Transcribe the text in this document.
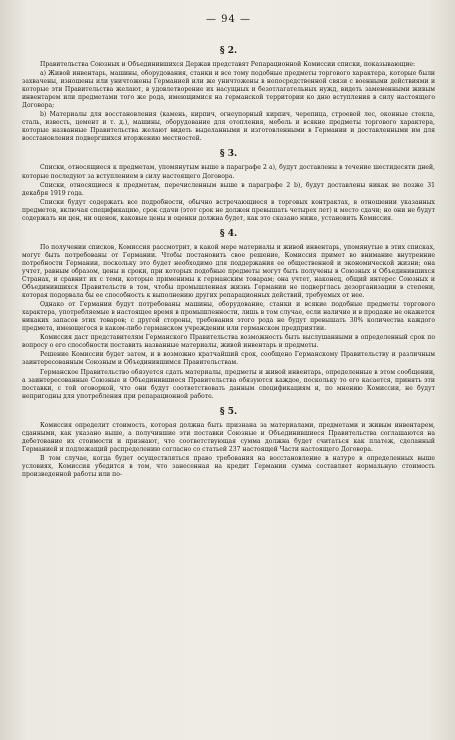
— 94 —
§ 2.

Правительства Союзных и Объединившихся Держав представят Репарационной Комиссии списки, показывающие:

а) Живой инвентарь, машины, оборудования, станки и все тому подобные предметы торгового характера, которые были захвачены, изношены или уничтожены Германией или же уничтожены в непосредственной связи с военными действиями и которые эти Правительства желают, в удовлетворение их насущных и безотлагательных нужд, видеть замененными живым инвентарем или предметами того же рода, имеющимися на германской территории ко дню вступления в силу настоящего Договора;

b) Материалы для восстановления (камень, кирпич, огнеупорный кирпич, черепица, строевой лес, оконные стекла, сталь, известь, цемент и т. д.), машины, оборудование для отопления, мебель и всякие предметы торгового характера, которые названные Правительства желают видеть выделанными и изготовленными в Германии и доставленными им для восстановления подвергшихся вторжению местностей.

§ 3.

Списки, относящиеся к предметам, упомянутым выше в параграфе 2 а), будут доставлены в течение шестидесяти дней, которые последуют за вступлением в силу настоящего Договора.

Списки, относящиеся к предметам, перечисленным выше в параграфе 2 b), будут доставлены никак не позже 31 декабря 1919 года.

Списки будут содержать все подробности, обычно встречающиеся в торговых контрактах, в отношении указанных предметов, включая спецификацию, срок сдачи (этот срок не должен превышать четырех лет) и место сдачи; но они не будут содержать ни цен, ни оценок, каковые цены и оценки должна будет, как это сказано ниже, установить Комиссия.

§ 4.

По получении списков, Комиссия рассмотрит, в какой мере материалы и живой инвентарь, упомянутые в этих списках, могут быть потребованы от Германии. Чтобы постановить свое решение, Комиссия примет во внимание внутренние потребности Германии, поскольку это будет необходимо для поддержания ее общественной и экономической жизни; она учтет, равным образом, цены и сроки, при которых подобные предметы могут быть получены в Союзных и Объединившихся Странах, и сравнит их с теми, которые применимы к германским товарам; она учтет, наконец, общий интерес Союзных и Объединившихся Правительств в том, чтобы промышленная жизнь Германии не подверглась дезорганизации в степени, которая подорвала бы ее способность к выполнению других репарационных действий, требуемых от нее.

Однако от Германии будут потребованы машины, оборудование, станки и всякие подобные предметы торгового характера, употребляемые в настоящее время в промышленности, лишь в том случае, если наличие и в продаже не окажется никаких запасов этих товаров; с другой стороны, требования этого рода не будут превышать 30% количества каждого предмета, имеющегося в каком-либо германском учреждении или германском предприятии.

Комиссия даст представителям Германского Правительства возможность быть выслушанными в определенный срок по вопросу о его способности поставить названные материалы, живой инвентарь и предметы.

Решение Комиссии будет затем, и в возможно кратчайший срок, сообщено Германскому Правительству и различным заинтересованным Союзным и Объединившимся Правительствам.

Германское Правительство обязуется сдать материалы, предметы и живой инвентарь, определенные в этом сообщении, а заинтересованные Союзные и Объединившиеся Правительства обязуются каждое, поскольку то его касается, принять эти поставки, с той оговоркой, что они будут соответствовать данным спецификациям и, по мнению Комиссии, не будут непригодны для употребления при репарационной работе.

§ 5.

Комиссия определит стоимость, которая должна быть признана за материалами, предметами и живым инвентарем, сданными, как указано выше, а получившие эти поставки Союзные и Объединившиеся Правительства соглашаются на дебетование их стоимости и признают, что соответствующая сумма должна будет считаться как платеж, сделанный Германией и подлежащий распределению согласно со статьей 237 настоящей Части настоящего Договора.

В том случае, когда будет осуществляться право требования на восстановление в натуре в определенных выше условиях, Комиссия убедится в том, что занесенная на кредит Германии сумма составляет нормальную стоимость произведенной работы или по-
